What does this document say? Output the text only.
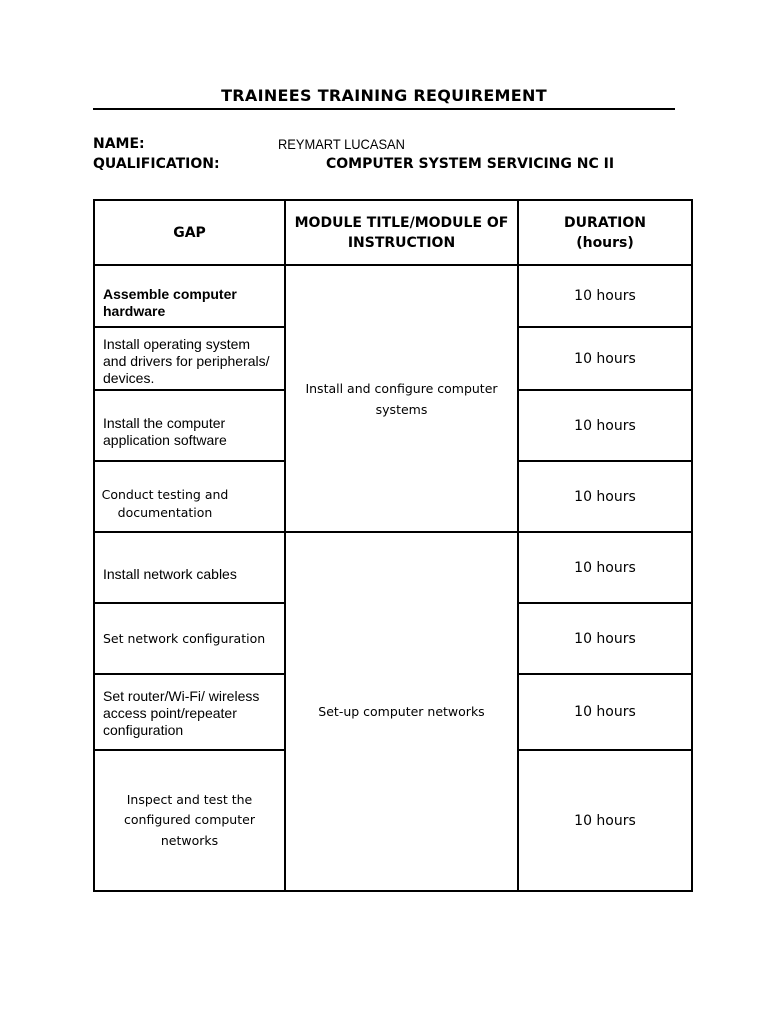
TRAINEES TRAINING REQUIREMENT
NAME:	REYMART LUCASAN
QUALIFICATION:	COMPUTER SYSTEM SERVICING NC II
GAP	MODULE TITLE/MODULE OF INSTRUCTION	DURATION (hours)
Assemble computer hardware	Install and configure computer systems	10 hours
Install operating system and drivers for peripherals/ devices.		10 hours
Install the computer application software		10 hours

Conduct testing and documentation		10 hours
Install network cables	Set-up computer networks	10 hours
Set network configuration		10 hours
Set router/Wi-Fi/ wireless access point/repeater configuration		10 hours
Inspect and test the configured computer networks		10 hours
